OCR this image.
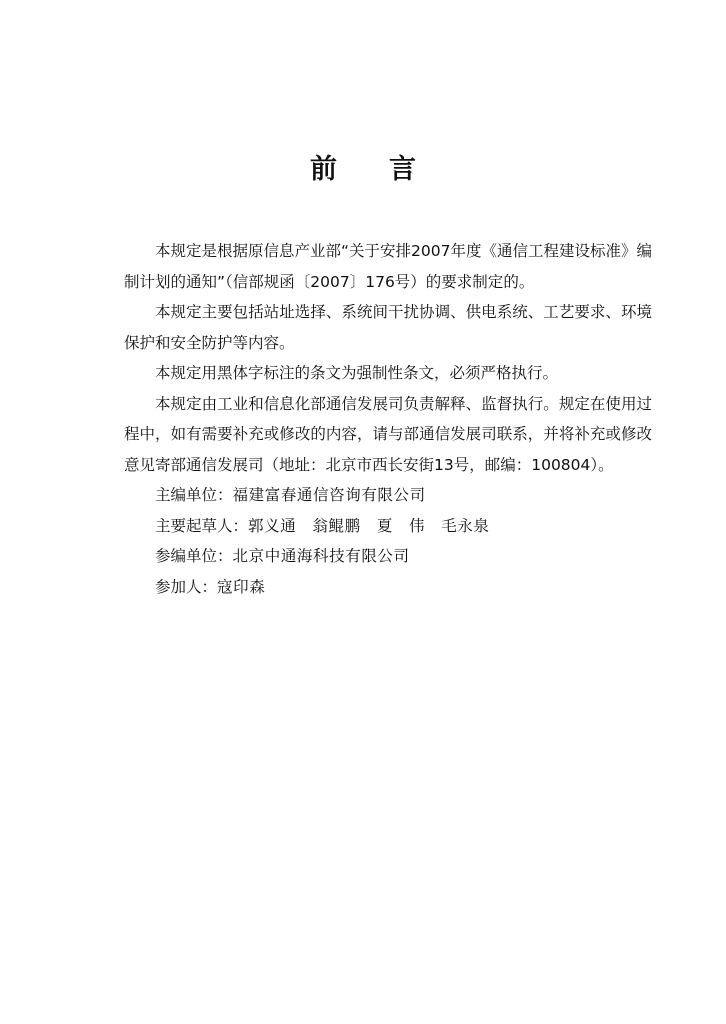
前言

本规定是根据原信息产业部“关于安排2007年度《通信工程建设标准》编制计划的通知”（信部规函〔2007〕176号）的要求制定的。

本规定主要包括站址选择、系统间干扰协调、供电系统、工艺要求、环境保护和安全防护等内容。

本规定用黑体字标注的条文为强制性条文，必须严格执行。

本规定由工业和信息化部通信发展司负责解释、监督执行。规定在使用过程中，如有需要补充或修改的内容，请与部通信发展司联系，并将补充或修改意见寄部通信发展司（地址：北京市西长安街13号，邮编：100804）。

主编单位：福建富春通信咨询有限公司

主要起草人：郭义通　翁鲲鹏　夏　伟　毛永泉

参编单位：北京中通海科技有限公司

参加人：寇印森
